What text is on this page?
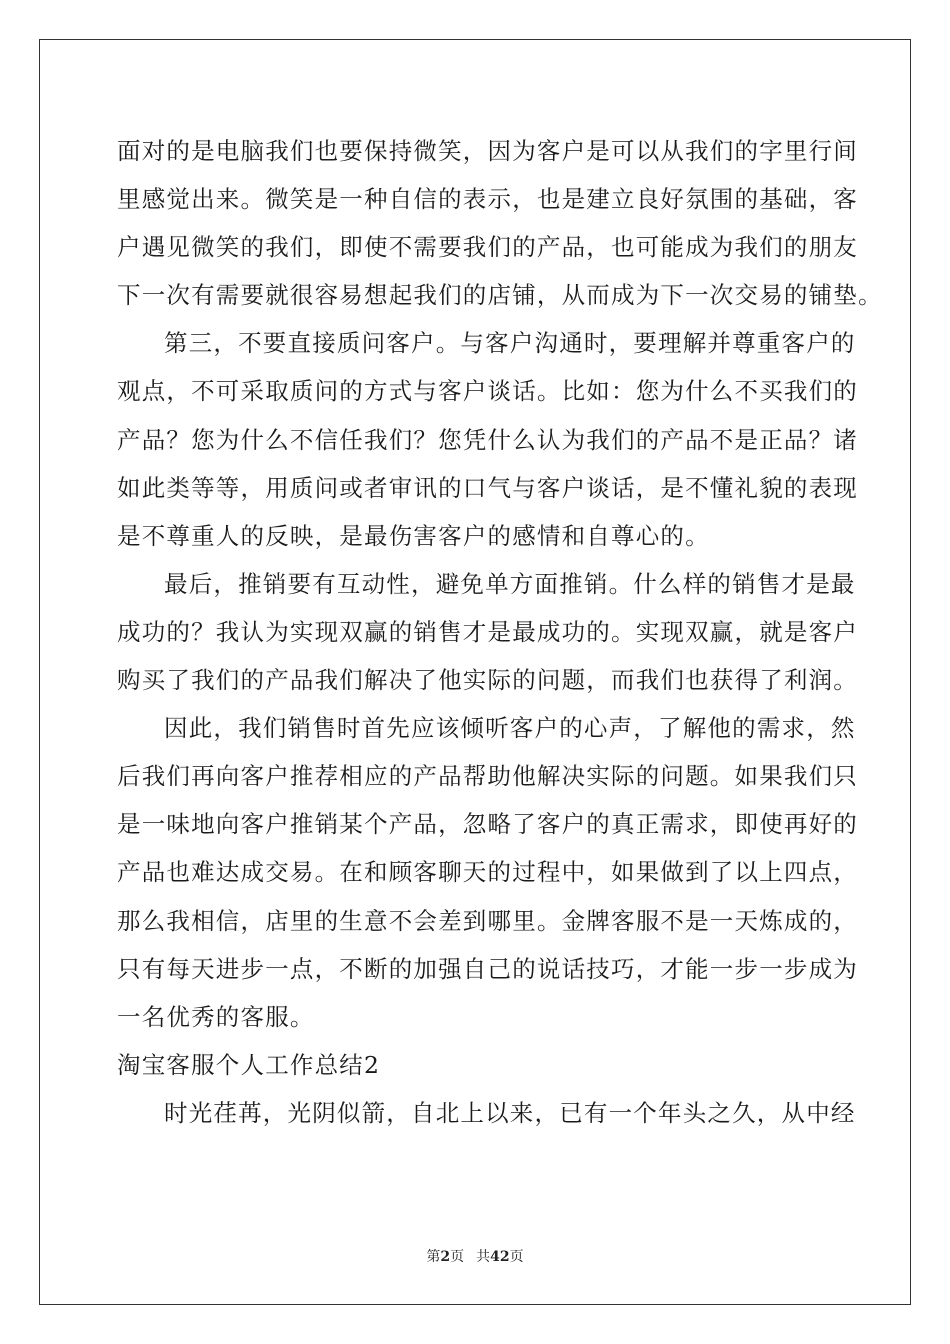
面对的是电脑我们也要保持微笑，因为客户是可以从我们的字里行间
里感觉出来。微笑是一种自信的表示，也是建立良好氛围的基础，客
户遇见微笑的我们，即使不需要我们的产品，也可能成为我们的朋友
下一次有需要就很容易想起我们的店铺，从而成为下一次交易的铺垫。
第三，不要直接质问客户。与客户沟通时，要理解并尊重客户的
观点，不可采取质问的方式与客户谈话。比如：您为什么不买我们的
产品？您为什么不信任我们？您凭什么认为我们的产品不是正品？诸
如此类等等，用质问或者审讯的口气与客户谈话，是不懂礼貌的表现
是不尊重人的反映，是最伤害客户的感情和自尊心的。
最后，推销要有互动性，避免单方面推销。什么样的销售才是最
成功的？我认为实现双赢的销售才是最成功的。实现双赢，就是客户
购买了我们的产品我们解决了他实际的问题，而我们也获得了利润。
因此，我们销售时首先应该倾听客户的心声，了解他的需求，然
后我们再向客户推荐相应的产品帮助他解决实际的问题。如果我们只
是一味地向客户推销某个产品，忽略了客户的真正需求，即使再好的
产品也难达成交易。在和顾客聊天的过程中，如果做到了以上四点，
那么我相信，店里的生意不会差到哪里。金牌客服不是一天炼成的，
只有每天进步一点，不断的加强自己的说话技巧，才能一步一步成为
一名优秀的客服。
淘宝客服个人工作总结2
时光荏苒，光阴似箭，自北上以来，已有一个年头之久，从中经
第2页 共42页
